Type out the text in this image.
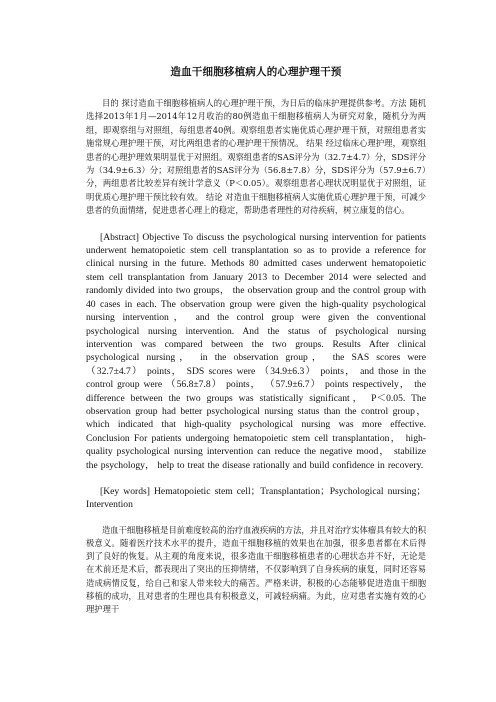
造血干细胞移植病人的心理护理干预

目的 探讨造血干细胞移植病人的心理护理干预，为日后的临床护理提供参考。方法 随机选择2013年1月—2014年12月收治的80例造血干细胞移植病人为研究对象，随机分为两组，即观察组与对照组，每组患者40例。观察组患者实施优质心理护理干预，对照组患者实施常规心理护理干预，对比两组患者的心理护理干预情况。 结果 经过临床心理护理，观察组患者的心理护理效果明显优于对照组。观察组患者的SAS评分为（32.7±4.7）分，SDS评分为（34.9±6.3）分；对照组患者的SAS评分为（56.8±7.8）分，SDS评分为（57.9±6.7）分，两组患者比较差异有统计学意义（P＜0.05）。观察组患者心理状况明显优于对照组，证明优质心理护理干预比较有效。 结论 对造血干细胞移植病人实施优质心理护理干预，可减少患者的负面情绪，促进患者心理上的稳定，帮助患者理性的对待疾病，树立康复的信心。

[Abstract] Objective To discuss the psychological nursing intervention for patients underwent hematopoietic stem cell transplantation so as to provide a reference for clinical nursing in the future. Methods 80 admitted cases underwent hematopoietic stem cell transplantation from January 2013 to December 2014 were selected and randomly divided into two groups， the observation group and the control group with 40 cases in each. The observation group were given the high-quality psychological nursing intervention， and the control group were given the conventional psychological nursing intervention. And the status of psychological nursing intervention was compared between the two groups. Results After clinical psychological nursing， in the observation group， the SAS scores were （32.7±4.7） points， SDS scores were （34.9±6.3） points， and those in the control group were （56.8±7.8） points， （57.9±6.7） points respectively， the difference between the two groups was statistically significant， P＜0.05. The observation group had better psychological nursing status than the control group， which indicated that high-quality psychological nursing was more effective. Conclusion For patients undergoing hematopoietic stem cell transplantation， high-quality psychological nursing intervention can reduce the negative mood， stabilize the psychology， help to treat the disease rationally and build confidence in recovery.

[Key words] Hematopoietic stem cell；Transplantation；Psychological nursing；Intervention

造血干细胞移植是目前难度较高的治疗血液疾病的方法，并且对治疗实体瘤具有较大的积极意义。随着医疗技术水平的提升，造血干细胞移植的效果也在加强，很多患者都在术后得到了良好的恢复。从主观的角度来说，很多造血干细胞移植患者的心理状态并不好，无论是在术前还是术后，都表现出了突出的压抑情绪，不仅影响到了自身疾病的康复，同时还容易造成病情反复，给自己和家人带来较大的痛苦。严格来讲，积极的心态能够促进造血干细胞移植的成功，且对患者的生理也具有积极意义，可减轻病痛。为此，应对患者实施有效的心理护理干
